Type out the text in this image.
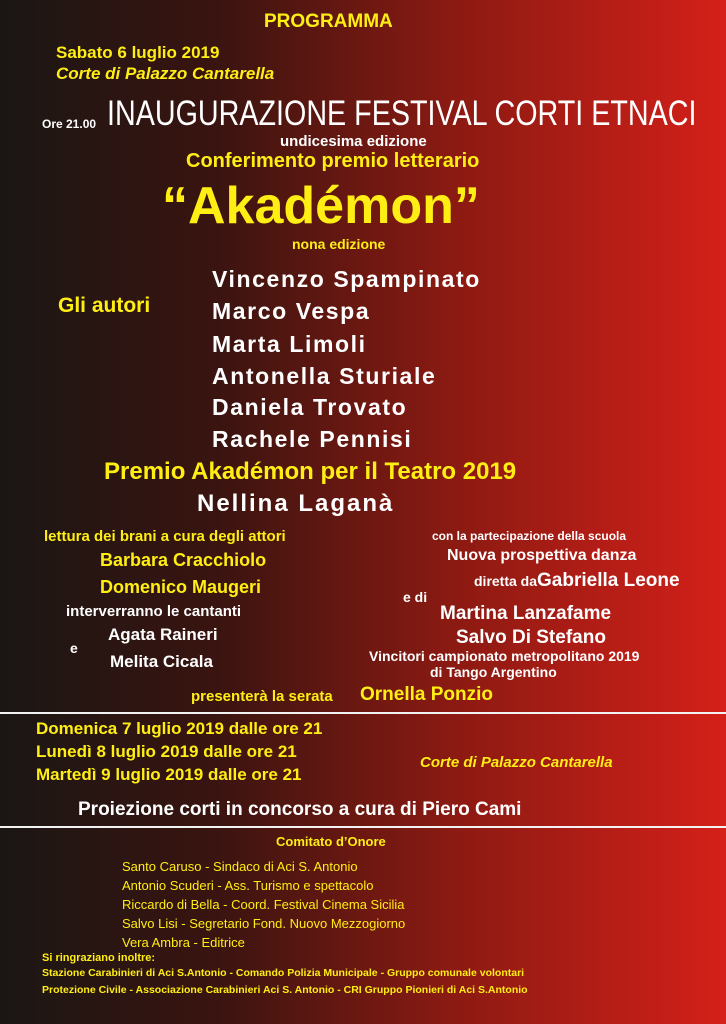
PROGRAMMA

Sabato 6 luglio 2019

Corte di Palazzo Cantarella

Ore 21.00 INAUGURAZIONE FESTIVAL CORTI ETNACI

undicesima edizione

Conferimento premio letterario

“Akadémon”

nona edizione

Gli autori

Vincenzo Spampinato

Marco Vespa

Marta Limoli

Antonella Sturiale

Daniela Trovato

Rachele Pennisi

Premio Akadémon per il Teatro 2019

Nellina Laganà

lettura dei brani a cura degli attori

Barbara Cracchiolo

Domenico Maugeri

interverranno le cantanti

Agata Raineri

e

Melita Cicala

con la partecipazione della scuola

Nuova prospettiva danza

diretta da Gabriella Leone

e di

Martina Lanzafame

Salvo Di Stefano

Vincitori campionato metropolitano 2019

di Tango Argentino

presenterà la serata Ornella Ponzio

Domenica 7 luglio 2019 dalle ore 21

Lunedì 8 luglio 2019 dalle ore 21

Martedì 9 luglio 2019 dalle ore 21

Corte di Palazzo Cantarella

Proiezione corti in concorso a cura di Piero Cami

Comitato d’Onore

Santo Caruso - Sindaco di Aci S. Antonio

Antonio Scuderi - Ass. Turismo e spettacolo

Riccardo di Bella - Coord. Festival Cinema Sicilia

Salvo Lisi - Segretario Fond. Nuovo Mezzogiorno

Vera Ambra - Editrice

Si ringraziano inoltre:

Stazione Carabinieri di Aci S.Antonio - Comando Polizia Municipale - Gruppo comunale volontari

Protezione Civile - Associazione Carabinieri Aci S. Antonio - CRI Gruppo Pionieri di Aci S.Antonio
